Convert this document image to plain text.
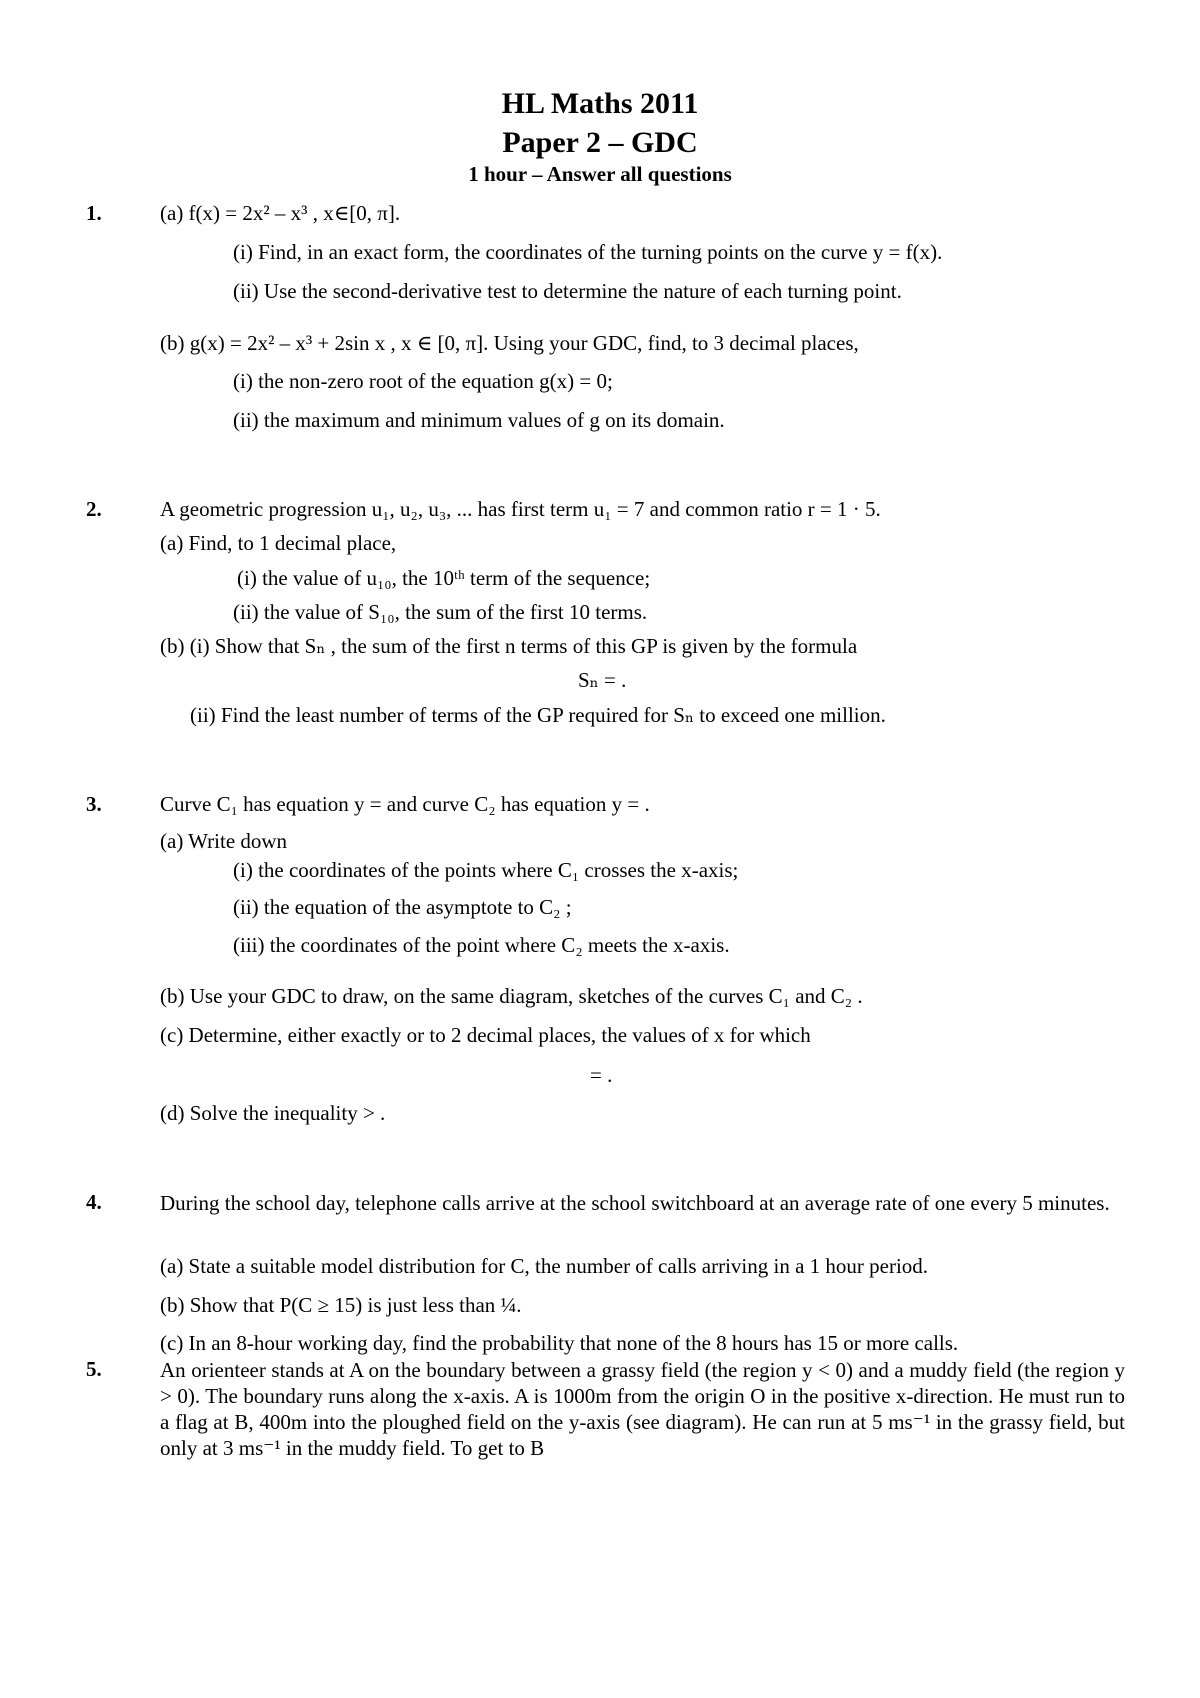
HL Maths 2011
Paper 2 – GDC
1 hour – Answer all questions
1.	(a) f(x) = 2x² – x³ , x∈[0, π].
(i) Find, in an exact form, the coordinates of the turning points on the curve y = f(x).
(ii) Use the second-derivative test to determine the nature of each turning point.
(b) g(x) = 2x² – x³ + 2sin x , x ∈ [0, π]. Using your GDC, find, to 3 decimal places,
(i) the non-zero root of the equation g(x) = 0;
(ii) the maximum and minimum values of g on its domain.
2.	A geometric progression u₁, u₂, u₃, ... has first term u₁ = 7 and common ratio r = 1 · 5.
(a) Find, to 1 decimal place,
(i) the value of u₁₀, the 10ᵗʰ term of the sequence;
(ii) the value of S₁₀, the sum of the first 10 terms.
(b) (i) Show that Sₙ , the sum of the first n terms of this GP is given by the formula
Sₙ = .
(ii) Find the least number of terms of the GP required for Sₙ to exceed one million.
3.	Curve C₁ has equation y = and curve C₂ has equation y = .
(a) Write down
(i) the coordinates of the points where C₁ crosses the x-axis;
(ii) the equation of the asymptote to C₂ ;
(iii) the coordinates of the point where C₂ meets the x-axis.
(b) Use your GDC to draw, on the same diagram, sketches of the curves C₁ and C₂ .
(c) Determine, either exactly or to 2 decimal places, the values of x for which
= .
(d) Solve the inequality > .
4.	During the school day, telephone calls arrive at the school switchboard at an average rate of one every 5 minutes.
(a) State a suitable model distribution for C, the number of calls arriving in a 1 hour period.
(b) Show that P(C ≥ 15) is just less than ¼.
(c) In an 8-hour working day, find the probability that none of the 8 hours has 15 or more calls.
5.	An orienteer stands at A on the boundary between a grassy field (the region y < 0) and a muddy field (the region y > 0). The boundary runs along the x-axis. A is 1000m from the origin O in the positive x-direction. He must run to a flag at B, 400m into the ploughed field on the y-axis (see diagram). He can run at 5 ms⁻¹ in the grassy field, but only at 3 ms⁻¹ in the muddy field. To get to B
